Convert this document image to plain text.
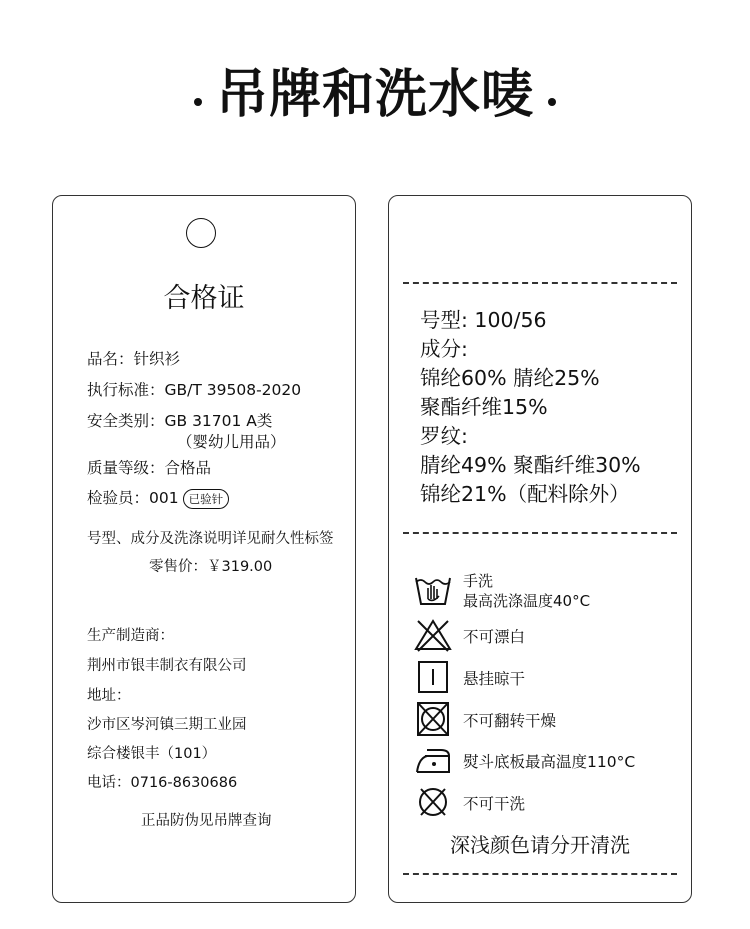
吊牌和洗水唛
合格证
品名：针织衫
执行标准：GB/T 39508-2020
安全类别：GB 31701 A类
（婴幼儿用品）
质量等级：合格品
检验员：001 已验针
号型、成分及洗涤说明详见耐久性标签
零售价：￥319.00
生产制造商：
荆州市银丰制衣有限公司
地址：
沙市区岑河镇三期工业园
综合楼银丰（101）
电话：0716-8630686
正品防伪见吊牌查询
号型: 100/56
成分:
锦纶60% 腈纶25%
聚酯纤维15%
罗纹:
腈纶49% 聚酯纤维30%
锦纶21%（配料除外）
手洗
最高洗涤温度40°C
不可漂白
悬挂晾干
不可翻转干燥
熨斗底板最高温度110°C
不可干洗
深浅颜色请分开清洗
